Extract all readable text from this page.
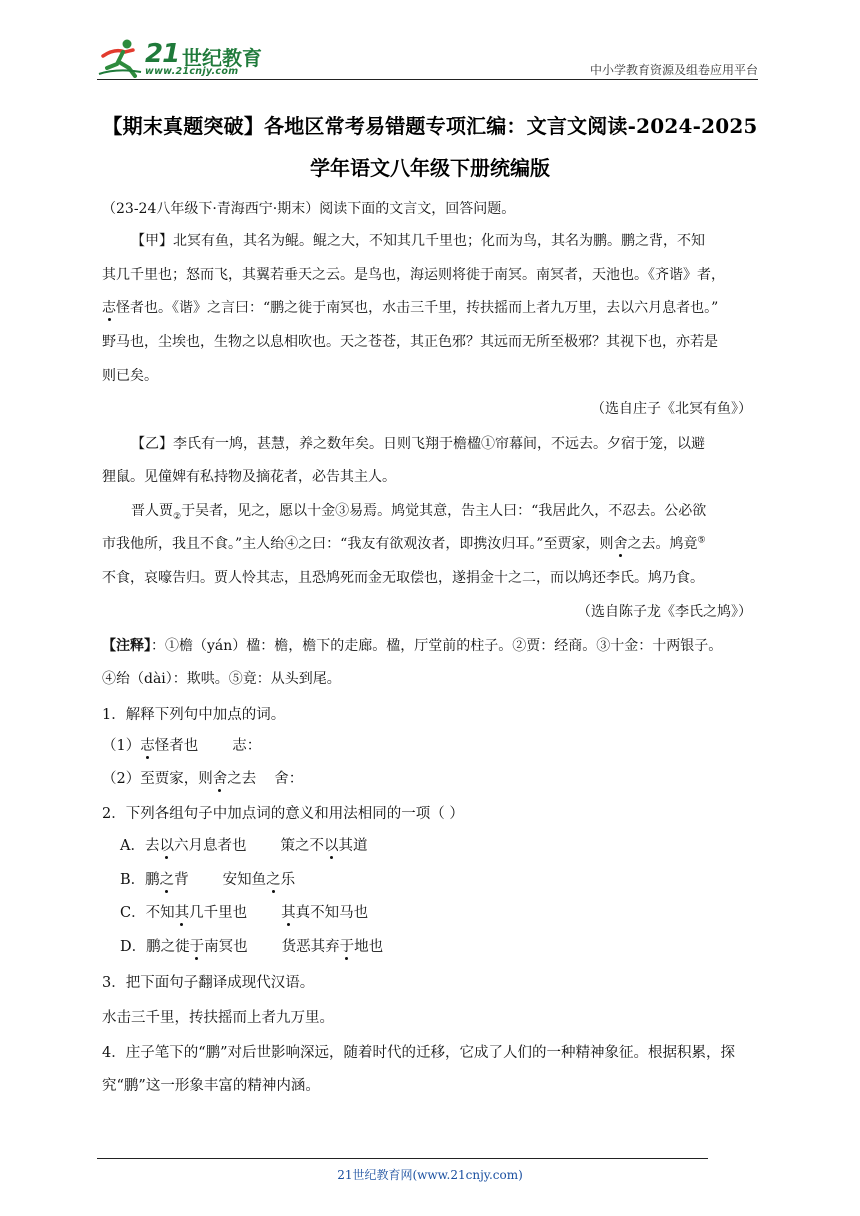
21 世纪教育
www.21cnjy.com	中小学教育资源及组卷应用平台
【期末真题突破】各地区常考易错题专项汇编：文言文阅读-2024-2025
学年语文八年级下册统编版
（23-24八年级下·青海西宁·期末）阅读下面的文言文，回答问题。
【甲】北冥有鱼，其名为鲲。鲲之大，不知其几千里也；化而为鸟，其名为鹏。鹏之背，不知
其几千里也；怒而飞，其翼若垂天之云。是鸟也，海运则将徙于南冥。南冥者，天池也。《齐谐》者，
志怪者也。《谐》之言曰：“鹏之徙于南冥也，水击三千里，抟扶摇而上者九万里，去以六月息者也。”
野马也，尘埃也，生物之以息相吹也。天之苍苍，其正色邪？其远而无所至极邪？其视下也，亦若是
则已矣。
（选自庄子《北冥有鱼》）
【乙】李氏有一鸠，甚慧，养之数年矣。日则飞翔于檐楹①帘幕间，不远去。夕宿于笼，以避
狸鼠。见僮婢有私持物及摘花者，必告其主人。
晋人贾$_②$于吴者，见之，愿以十金③易焉。鸠觉其意，告主人曰：“我居此久，不忍去。公必欲
市我他所，我且不食。”主人绐④之曰：“我友有欲观汝者，即携汝归耳。”至贾家，则舍之去。鸠竟⑤
不食，哀嚎告归。贾人怜其志，且恐鸠死而金无取偿也，遂捐金十之二，而以鸠还李氏。鸠乃食。
（选自陈子龙《李氏之鸠》）
【注释】：①檐（yán）楹：檐，檐下的走廊。楹，厅堂前的柱子。②贾：经商。③十金：十两银子。
④绐（dài）：欺哄。⑤竟：从头到尾。
1．解释下列句中加点的词。
（1）志怪者也 志：
（2）至贾家，则舍之去 舍：
2．下列各组句子中加点词的意义和用法相同的一项（ ）
A．去以六月息者也 策之不以其道
B．鹏之背 安知鱼之乐
C．不知其几千里也 其真不知马也
D．鹏之徙于南冥也 货恶其弃于地也
3．把下面句子翻译成现代汉语。
水击三千里，抟扶摇而上者九万里。
4．庄子笔下的“鹏”对后世影响深远，随着时代的迁移，它成了人们的一种精神象征。根据积累，探
究“鹏”这一形象丰富的精神内涵。
21世纪教育网(www.21cnjy.com)
